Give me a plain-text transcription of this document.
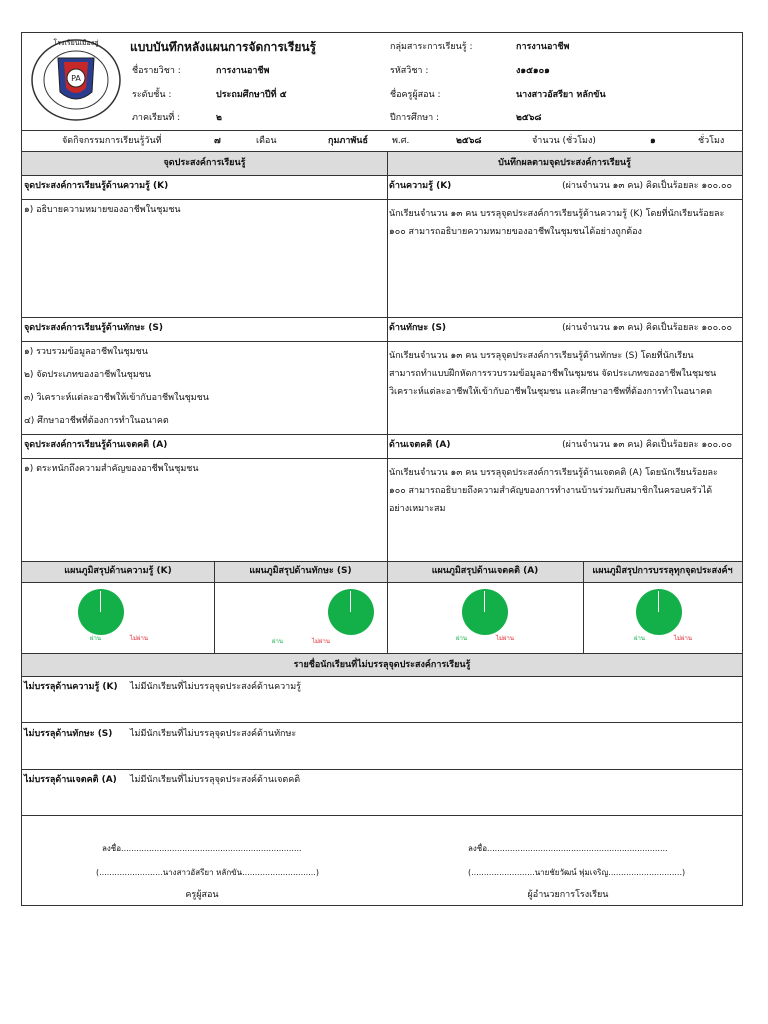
PA
โรงเรียนเมืองสู่	แบบบันทึกหลังแผนการจัดการเรียนรู้
ชื่อรายวิชา :	การงานอาชีพ
ระดับชั้น :	ประถมศึกษาปีที่ ๕
ภาคเรียนที่ :	๒
กลุ่มสาระการเรียนรู้ :	การงานอาชีพ
รหัสวิชา :	ง๑๕๑๐๑
ชื่อครูผู้สอน :	นางสาวอัสรียา หลักขัน
ปีการศึกษา :	๒๕๖๘
จัดกิจกรรมการเรียนรู้วันที่	๗	เดือน	กุมภาพันธ์	พ.ศ.	๒๕๖๘	จำนวน (ชั่วโมง)	๑	ชั่วโมง
จุดประสงค์การเรียนรู้	บันทึกผลตามจุดประสงค์การเรียนรู้
จุดประสงค์การเรียนรู้ด้านความรู้ (K)	ด้านความรู้ (K)	(ผ่านจำนวน ๑๓ คน) คิดเป็นร้อยละ ๑๐๐.๐๐
๑) อธิบายความหมายของอาชีพในชุมชน	นักเรียนจำนวน ๑๓ คน บรรลุจุดประสงค์การเรียนรู้ด้านความรู้ (K) โดยที่นักเรียนร้อยละ
๑๐๐ สามารถอธิบายความหมายของอาชีพในชุมชนได้อย่างถูกต้อง
จุดประสงค์การเรียนรู้ด้านทักษะ (S)	ด้านทักษะ (S)	(ผ่านจำนวน ๑๓ คน) คิดเป็นร้อยละ ๑๐๐.๐๐
๑) รวบรวมข้อมูลอาชีพในชุมชน

๒) จัดประเภทของอาชีพในชุมชน

๓) วิเคราะห์แต่ละอาชีพให้เข้ากับอาชีพในชุมชน

๔) ศึกษาอาชีพที่ต้องการทำในอนาคต
นักเรียนจำนวน ๑๓ คน บรรลุจุดประสงค์การเรียนรู้ด้านทักษะ (S) โดยที่นักเรียน
สามารถทำแบบฝึกหัดการรวบรวมข้อมูลอาชีพในชุมชน จัดประเภทของอาชีพในชุมชน
วิเคราะห์แต่ละอาชีพให้เข้ากับอาชีพในชุมชน และศึกษาอาชีพที่ต้องการทำในอนาคต
จุดประสงค์การเรียนรู้ด้านเจตคติ (A)	ด้านเจตคติ (A)	(ผ่านจำนวน ๑๓ คน) คิดเป็นร้อยละ ๑๐๐.๐๐
๑) ตระหนักถึงความสำคัญของอาชีพในชุมชน	นักเรียนจำนวน ๑๓ คน บรรลุจุดประสงค์การเรียนรู้ด้านเจตคติ (A) โดยนักเรียนร้อยละ
๑๐๐ สามารถอธิบายถึงความสำคัญของการทำงานบ้านร่วมกับสมาชิกในครอบครัวได้
อย่างเหมาะสม
แผนภูมิสรุปด้านความรู้ (K)	แผนภูมิสรุปด้านทักษะ (S)	แผนภูมิสรุปด้านเจตคติ (A)	แผนภูมิสรุปการบรรลุทุกจุดประสงค์ฯ
ผ่าน	ไม่ผ่าน	ผ่าน	ไม่ผ่าน	ผ่าน	ไม่ผ่าน	ผ่าน	ไม่ผ่าน
รายชื่อนักเรียนที่ไม่บรรลุจุดประสงค์การเรียนรู้
ไม่บรรลุด้านความรู้ (K) ไม่มีนักเรียนที่ไม่บรรลุจุดประสงค์ด้านความรู้
ไม่บรรลุด้านทักษะ (S) ไม่มีนักเรียนที่ไม่บรรลุจุดประสงค์ด้านทักษะ
ไม่บรรลุด้านเจตคติ (A) ไม่มีนักเรียนที่ไม่บรรลุจุดประสงค์ด้านเจตคติ
ลงชื่อ.......................................................................
(.........................นางสาวอัสรียา หลักขัน.............................)
ครูผู้สอน
ลงชื่อ.......................................................................
(.........................นายชัยวัฒน์ พุ่มเจริญ.............................)
ผู้อำนวยการโรงเรียน
